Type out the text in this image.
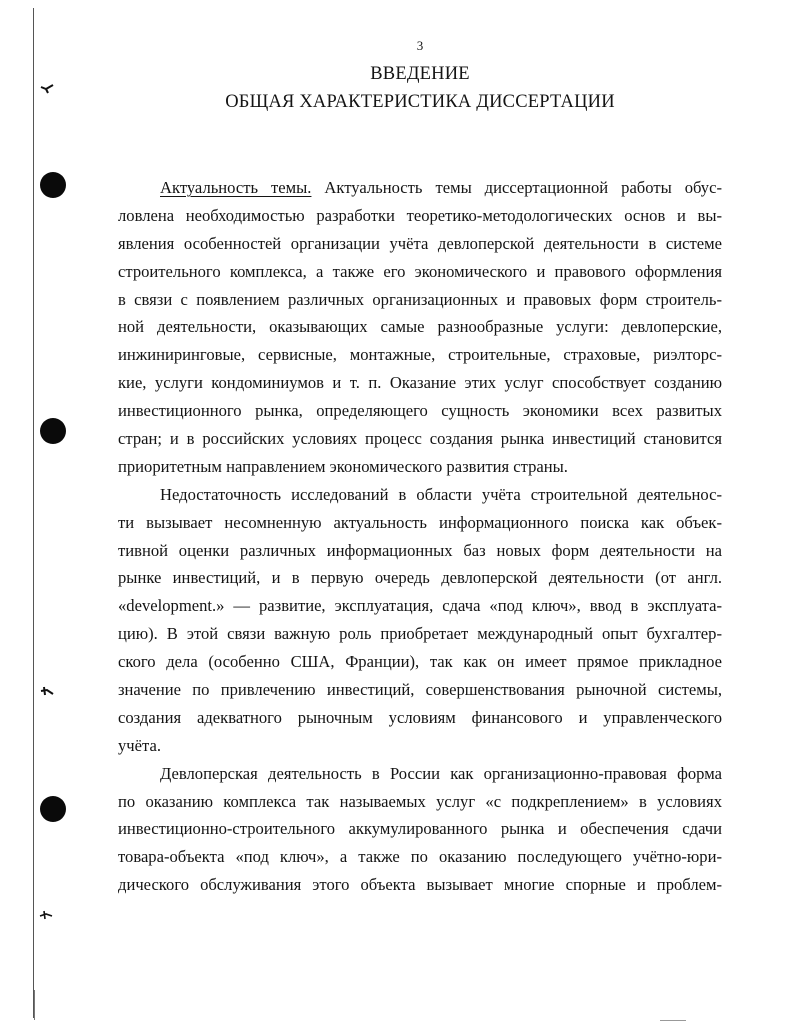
3
ВВЕДЕНИЕ
ОБЩАЯ ХАРАКТЕРИСТИКА ДИССЕРТАЦИИ
Актуальность темы. Актуальность темы диссертационной работы обус-
ловлена необходимостью разработки теоретико-методологических основ и вы-
явления особенностей организации учёта девлоперской деятельности в системе
строительного комплекса, а также его экономического и правового оформления
в связи с появлением различных организационных и правовых форм строитель-
ной деятельности, оказывающих самые разнообразные услуги: девлоперские,
инжиниринговые, сервисные, монтажные, строительные, страховые, риэлторс-
кие, услуги кондоминиумов и т. п. Оказание этих услуг способствует созданию
инвестиционного рынка, определяющего сущность экономики всех развитых
стран; и в российских условиях процесс создания рынка инвестиций становится
приоритетным направлением экономического развития страны.
Недостаточность исследований в области учёта строительной деятельнос-
ти вызывает несомненную актуальность информационного поиска как объек-
тивной оценки различных информационных баз новых форм деятельности на
рынке инвестиций, и в первую очередь девлоперской деятельности (от англ.
«development.» — развитие, эксплуатация, сдача «под ключ», ввод в эксплуата-
цию). В этой связи важную роль приобретает международный опыт бухгалтер-
ского дела (особенно США, Франции), так как он имеет прямое прикладное
значение по привлечению инвестиций, совершенствования рыночной системы,
создания адекватного рыночным условиям финансового и управленческого
учёта.
Девлоперская деятельность в России как организационно-правовая форма
по оказанию комплекса так называемых услуг «с подкреплением» в условиях
инвестиционно-строительного аккумулированного рынка и обеспечения сдачи
товара-объекта «под ключ», а также по оказанию последующего учётно-юри-
дического обслуживания этого объекта вызывает многие спорные и проблем-
